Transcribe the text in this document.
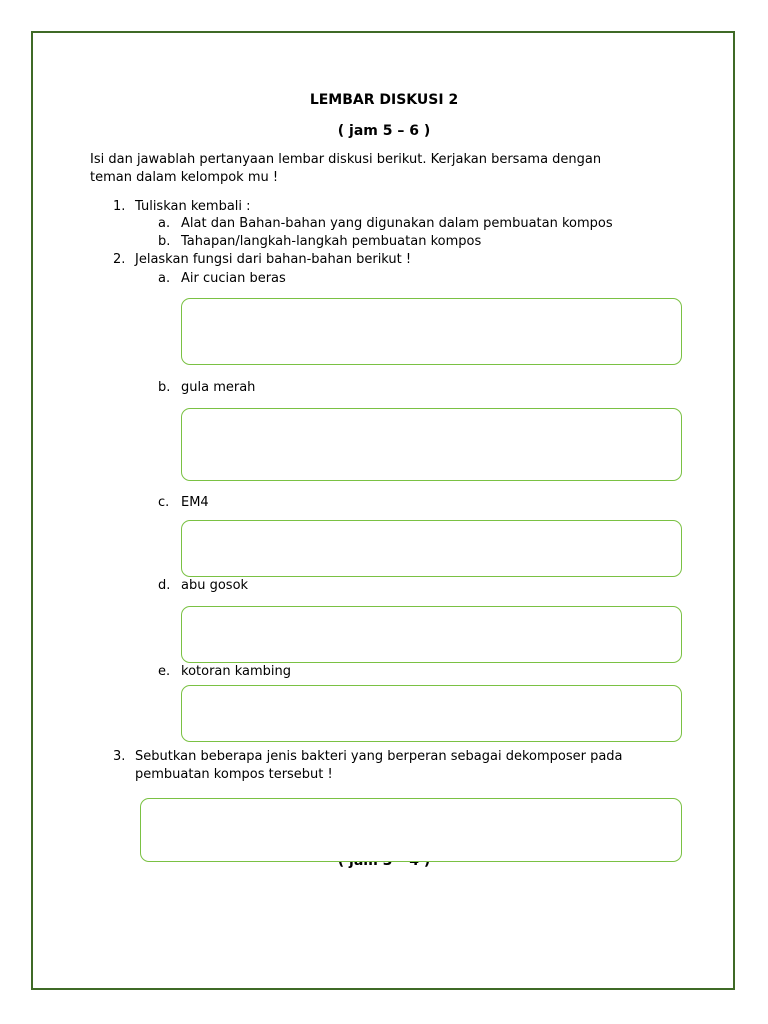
LEMBAR DISKUSI 2
( jam 5 – 6 )
Isi dan jawablah pertanyaan lembar diskusi berikut. Kerjakan bersama dengan
teman dalam kelompok mu !
1. Tuliskan kembali :
a. Alat dan Bahan-bahan yang digunakan dalam pembuatan kompos
b. Tahapan/langkah-langkah pembuatan kompos
2. Jelaskan fungsi dari bahan-bahan berikut !
a. Air cucian beras
b. gula merah
c. EM4
d. abu gosok
e. kotoran kambing
3. Sebutkan beberapa jenis bakteri yang berperan sebagai dekomposer pada
pembuatan kompos tersebut !
